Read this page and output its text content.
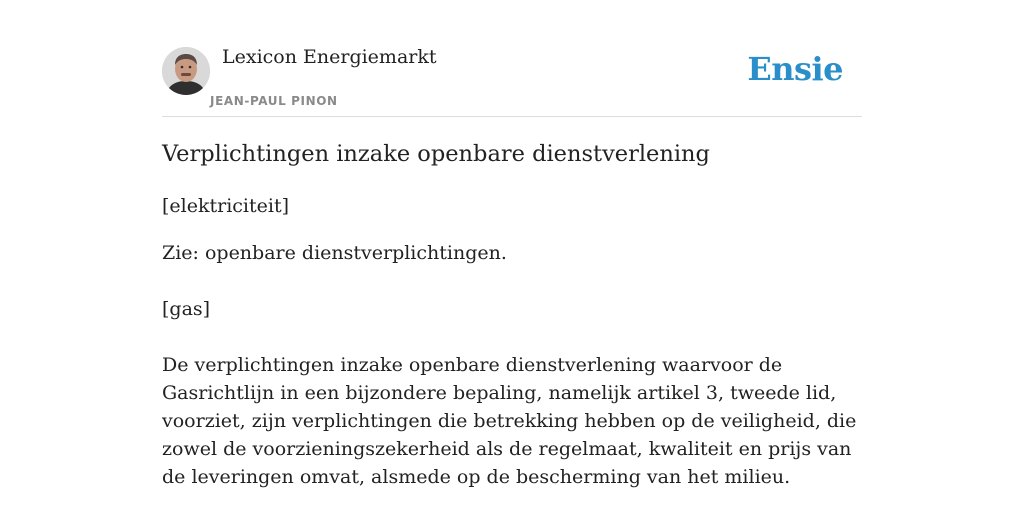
Lexicon Energiemarkt
JEAN-PAUL PINON
Ensie
Verplichtingen inzake openbare dienstverlening
[elektriciteit]
Zie: openbare dienstverplichtingen.
[gas]
De verplichtingen inzake openbare dienstverlening waarvoor de Gasrichtlijn in een bijzondere bepaling, namelijk artikel 3, tweede lid, voorziet, zijn verplichtingen die betrekking hebben op de veiligheid, die zowel de voorzieningszekerheid als de regelmaat, kwaliteit en prijs van de leveringen omvat, alsmede op de bescherming van het milieu.
